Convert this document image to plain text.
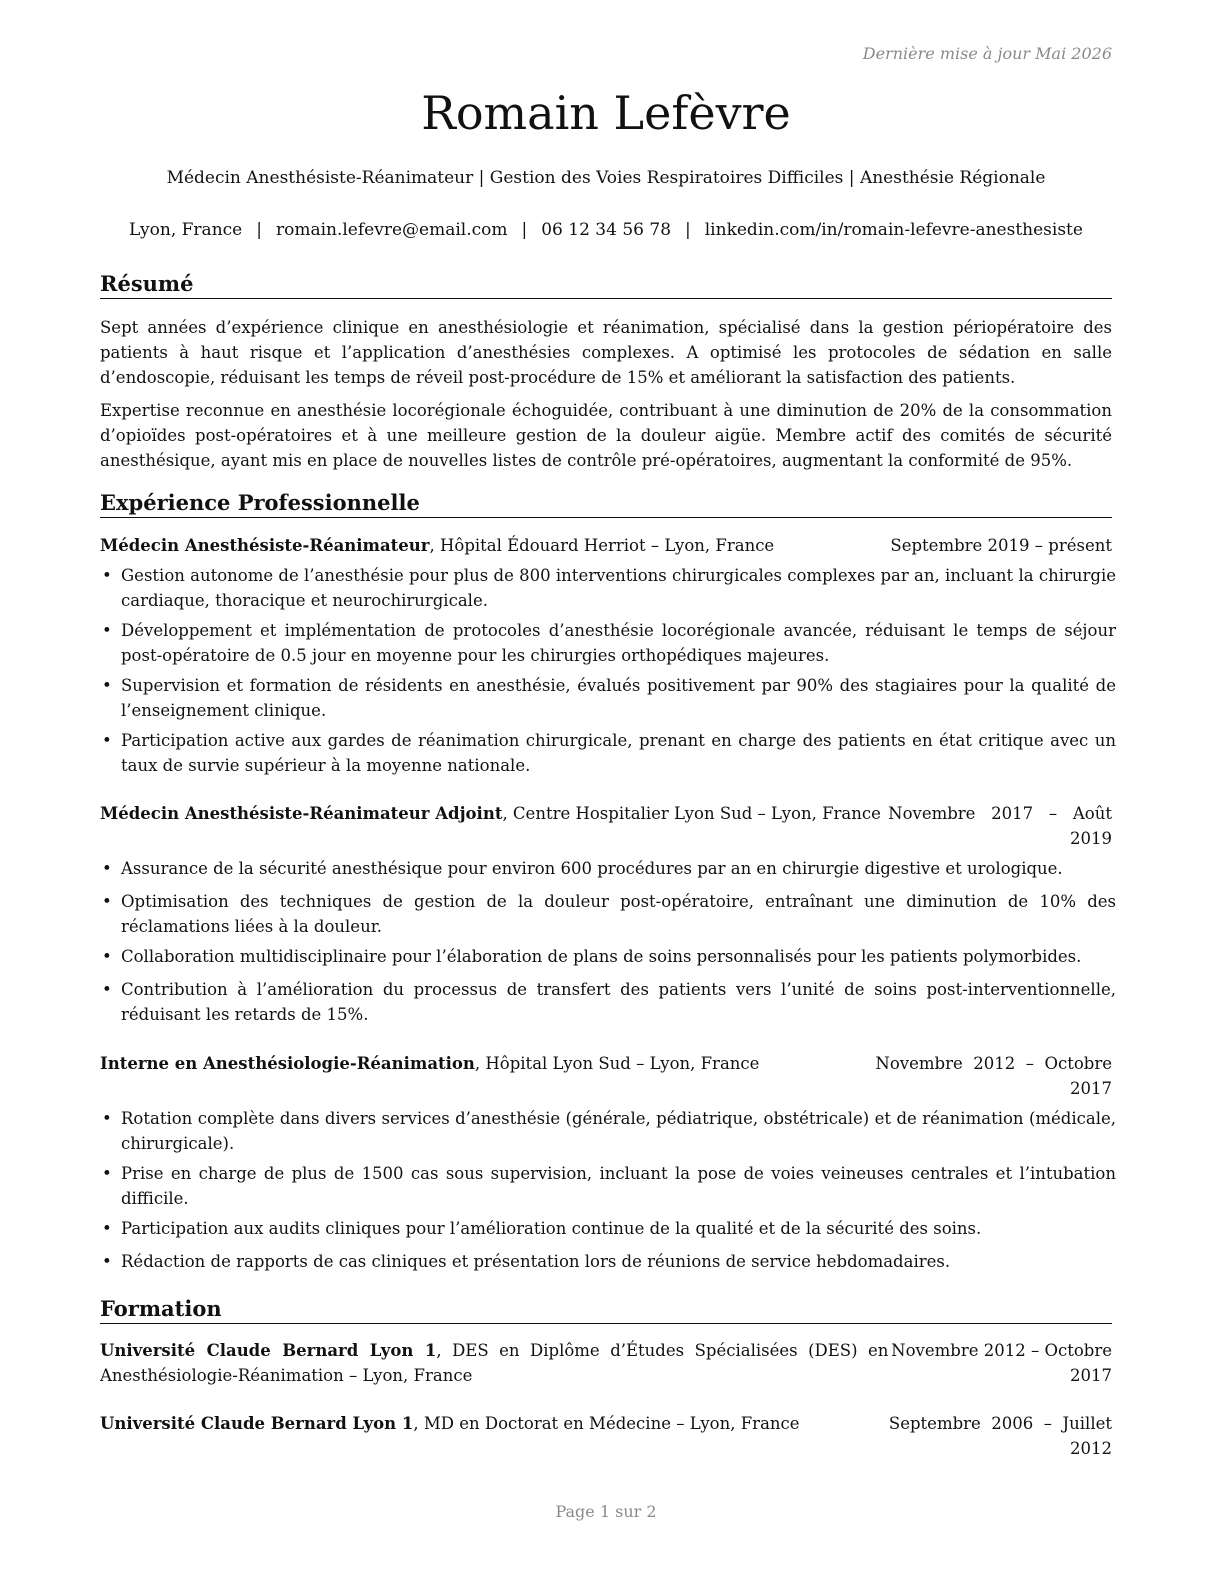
Dernière mise à jour Mai 2026
Romain Lefèvre
Médecin Anesthésiste-Réanimateur | Gestion des Voies Respiratoires Difficiles | Anesthésie Régionale
Lyon, France | romain.lefevre@email.com | 06 12 34 56 78 | linkedin.com/in/romain-lefevre-anesthesiste
Résumé
Sept années d’expérience clinique en anesthésiologie et réanimation, spécialisé dans la gestion périopératoire des patients à haut risque et l’application d’anesthésies complexes. A optimisé les protocoles de sédation en salle d’endoscopie, réduisant les temps de réveil post-procédure de 15% et améliorant la satisfaction des patients.
Expertise reconnue en anesthésie locorégionale échoguidée, contribuant à une diminution de 20% de la consommation d’opioïdes post-opératoires et à une meilleure gestion de la douleur aigüe. Membre actif des comités de sécurité anesthésique, ayant mis en place de nouvelles listes de contrôle pré-opératoires, augmentant la conformité de 95%.
Expérience Professionnelle
Médecin Anesthésiste-Réanimateur, Hôpital Édouard Herriot – Lyon, France	Septembre 2019 – présent
• Gestion autonome de l’anesthésie pour plus de 800 interventions chirurgicales complexes par an, incluant la chirurgie cardiaque, thoracique et neurochirurgicale.
• Développement et implémentation de protocoles d’anesthésie locorégionale avancée, réduisant le temps de séjour post-opératoire de 0.5 jour en moyenne pour les chirurgies orthopédiques majeures.
• Supervision et formation de résidents en anesthésie, évalués positivement par 90% des stagiaires pour la qualité de l’enseignement clinique.
• Participation active aux gardes de réanimation chirurgicale, prenant en charge des patients en état critique avec un taux de survie supérieur à la moyenne nationale.
Médecin Anesthésiste-Réanimateur Adjoint, Centre Hospitalier Lyon Sud – Lyon, France Novembre   2017   –   Août
2019
• Assurance de la sécurité anesthésique pour environ 600 procédures par an en chirurgie digestive et urologique.
• Optimisation des techniques de gestion de la douleur post-opératoire, entraînant une diminution de 10% des réclamations liées à la douleur.
• Collaboration multidisciplinaire pour l’élaboration de plans de soins personnalisés pour les patients polymorbides.
• Contribution à l’amélioration du processus de transfert des patients vers l’unité de soins post-interventionnelle, réduisant les retards de 15%.
Interne en Anesthésiologie-Réanimation, Hôpital Lyon Sud – Lyon, France	Novembre  2012  –  Octobre
2017
• Rotation complète dans divers services d’anesthésie (générale, pédiatrique, obstétricale) et de réanimation (médicale, chirurgicale).
• Prise en charge de plus de 1500 cas sous supervision, incluant la pose de voies veineuses centrales et l’intubation difficile.
• Participation aux audits cliniques pour l’amélioration continue de la qualité et de la sécurité des soins.
• Rédaction de rapports de cas cliniques et présentation lors de réunions de service hebdomadaires.
Formation
Université  Claude  Bernard  Lyon  1,  DES  en  Diplôme  d’Études  Spécialisées  (DES)  en Novembre 2012 – Octobre
Anesthésiologie-Réanimation – Lyon, France	2017
Université Claude Bernard Lyon 1, MD en Doctorat en Médecine – Lyon, France	Septembre  2006  –  Juillet
2012
Page 1 sur 2
